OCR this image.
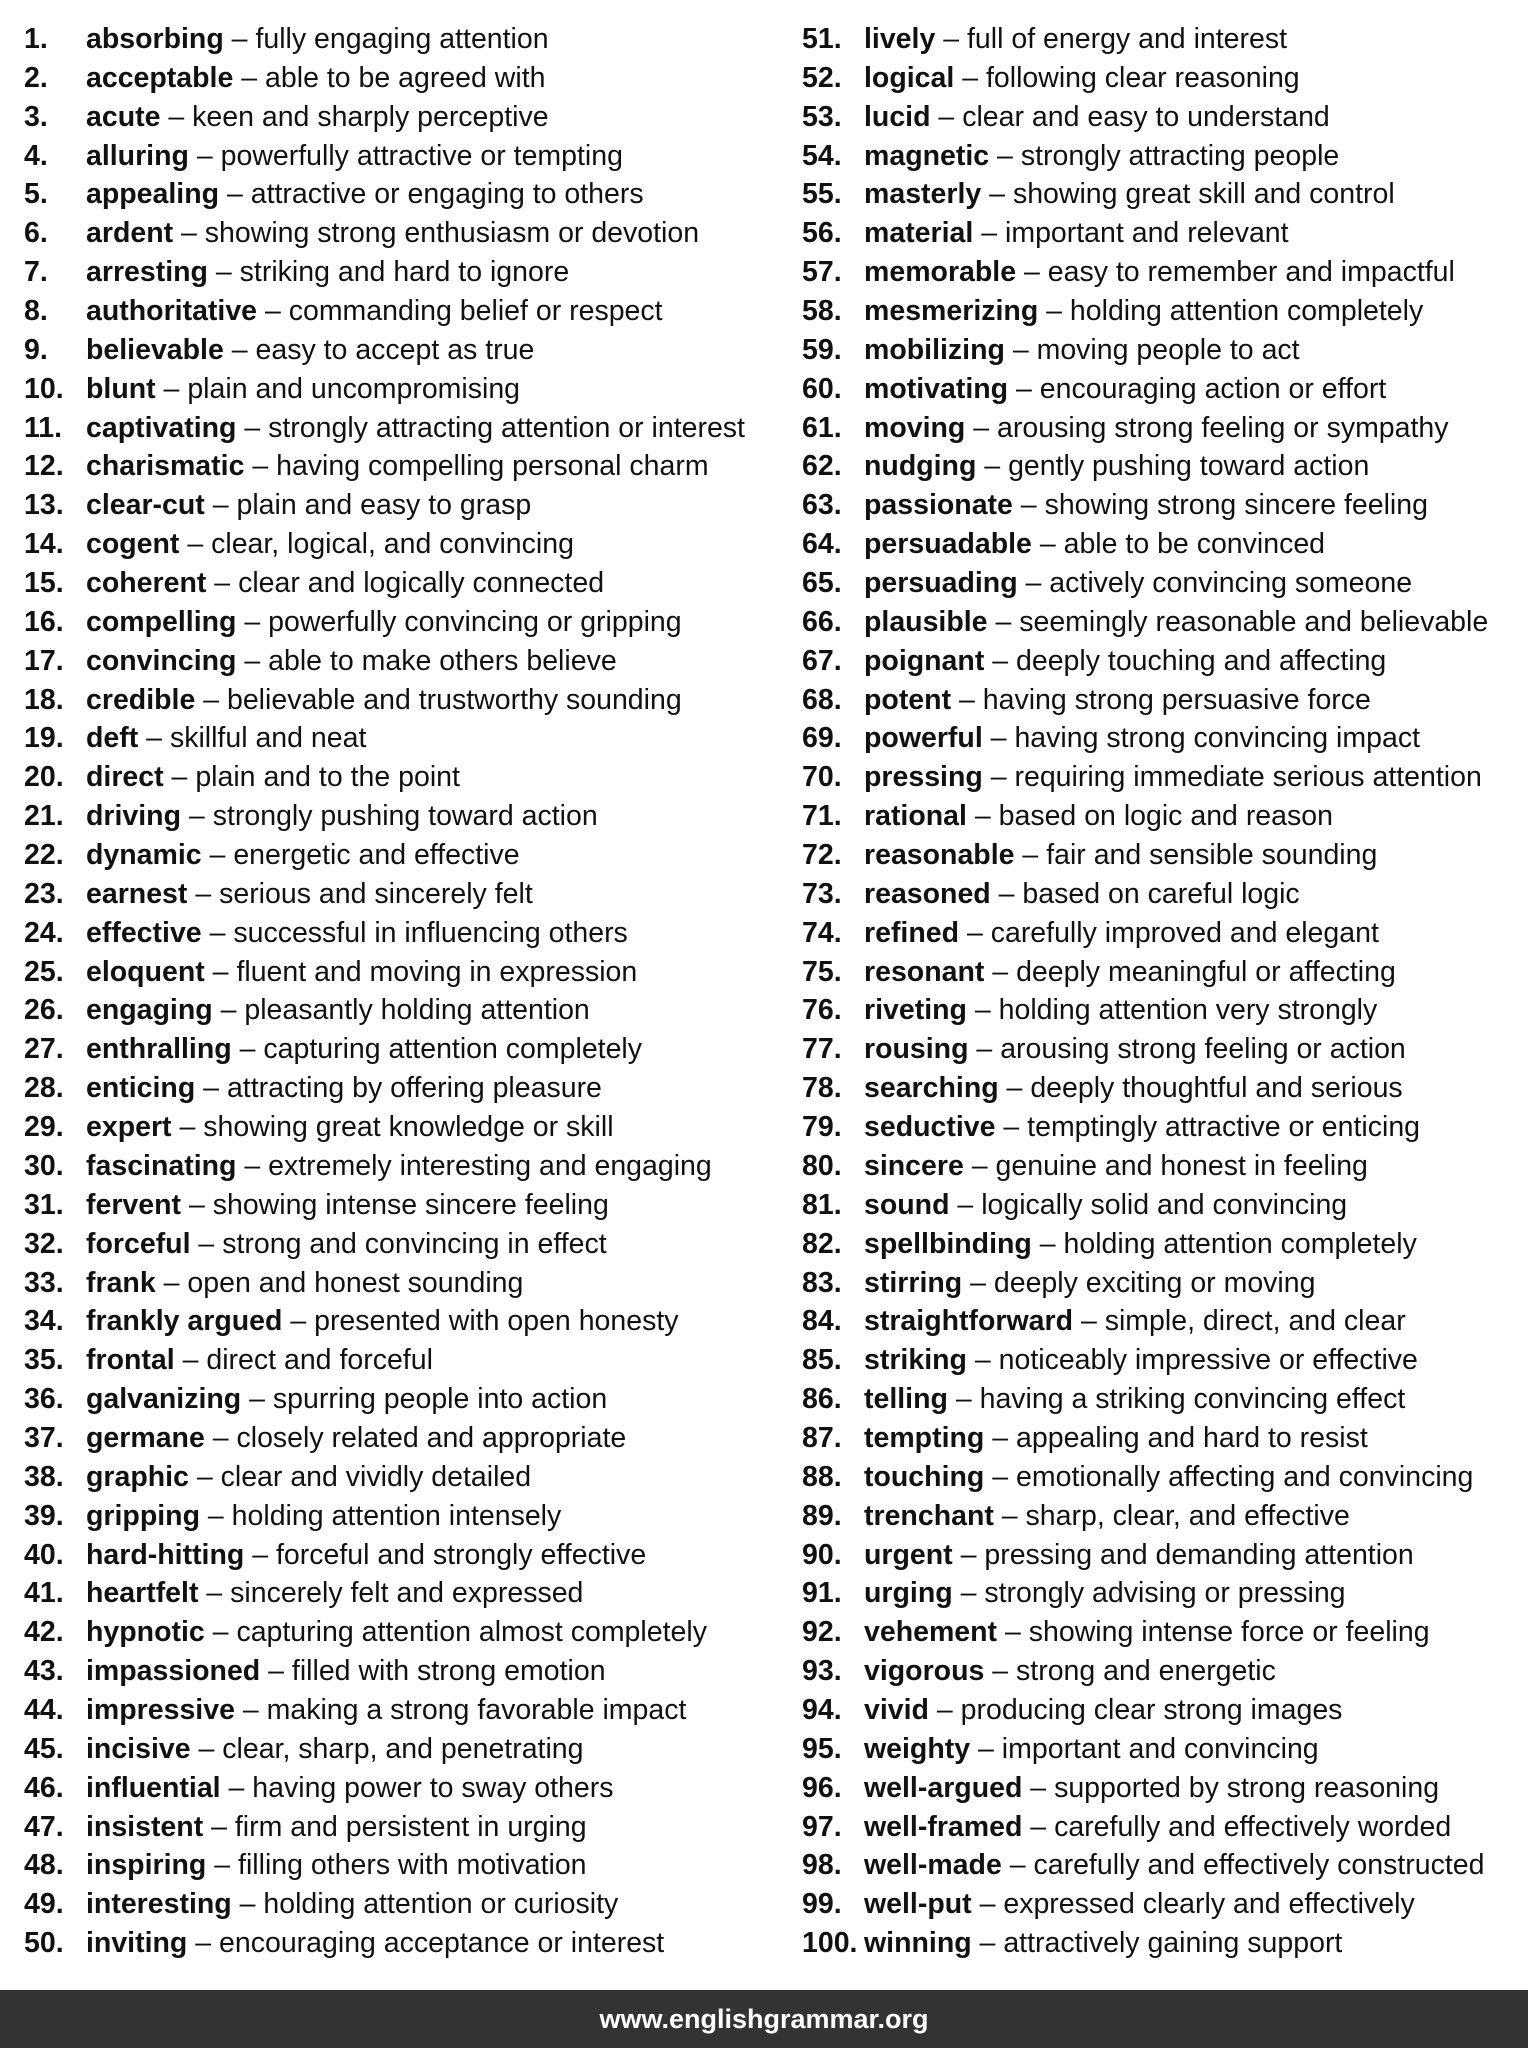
1. absorbing – fully engaging attention
2. acceptable – able to be agreed with
3. acute – keen and sharply perceptive
4. alluring – powerfully attractive or tempting
5. appealing – attractive or engaging to others
6. ardent – showing strong enthusiasm or devotion
7. arresting – striking and hard to ignore
8. authoritative – commanding belief or respect
9. believable – easy to accept as true
10. blunt – plain and uncompromising
11. captivating – strongly attracting attention or interest
12. charismatic – having compelling personal charm
13. clear-cut – plain and easy to grasp
14. cogent – clear, logical, and convincing
15. coherent – clear and logically connected
16. compelling – powerfully convincing or gripping
17. convincing – able to make others believe
18. credible – believable and trustworthy sounding
19. deft – skillful and neat
20. direct – plain and to the point
21. driving – strongly pushing toward action
22. dynamic – energetic and effective
23. earnest – serious and sincerely felt
24. effective – successful in influencing others
25. eloquent – fluent and moving in expression
26. engaging – pleasantly holding attention
27. enthralling – capturing attention completely
28. enticing – attracting by offering pleasure
29. expert – showing great knowledge or skill
30. fascinating – extremely interesting and engaging
31. fervent – showing intense sincere feeling
32. forceful – strong and convincing in effect
33. frank – open and honest sounding
34. frankly argued – presented with open honesty
35. frontal – direct and forceful
36. galvanizing – spurring people into action
37. germane – closely related and appropriate
38. graphic – clear and vividly detailed
39. gripping – holding attention intensely
40. hard-hitting – forceful and strongly effective
41. heartfelt – sincerely felt and expressed
42. hypnotic – capturing attention almost completely
43. impassioned – filled with strong emotion
44. impressive – making a strong favorable impact
45. incisive – clear, sharp, and penetrating
46. influential – having power to sway others
47. insistent – firm and persistent in urging
48. inspiring – filling others with motivation
49. interesting – holding attention or curiosity
50. inviting – encouraging acceptance or interest
51. lively – full of energy and interest
52. logical – following clear reasoning
53. lucid – clear and easy to understand
54. magnetic – strongly attracting people
55. masterly – showing great skill and control
56. material – important and relevant
57. memorable – easy to remember and impactful
58. mesmerizing – holding attention completely
59. mobilizing – moving people to act
60. motivating – encouraging action or effort
61. moving – arousing strong feeling or sympathy
62. nudging – gently pushing toward action
63. passionate – showing strong sincere feeling
64. persuadable – able to be convinced
65. persuading – actively convincing someone
66. plausible – seemingly reasonable and believable
67. poignant – deeply touching and affecting
68. potent – having strong persuasive force
69. powerful – having strong convincing impact
70. pressing – requiring immediate serious attention
71. rational – based on logic and reason
72. reasonable – fair and sensible sounding
73. reasoned – based on careful logic
74. refined – carefully improved and elegant
75. resonant – deeply meaningful or affecting
76. riveting – holding attention very strongly
77. rousing – arousing strong feeling or action
78. searching – deeply thoughtful and serious
79. seductive – temptingly attractive or enticing
80. sincere – genuine and honest in feeling
81. sound – logically solid and convincing
82. spellbinding – holding attention completely
83. stirring – deeply exciting or moving
84. straightforward – simple, direct, and clear
85. striking – noticeably impressive or effective
86. telling – having a striking convincing effect
87. tempting – appealing and hard to resist
88. touching – emotionally affecting and convincing
89. trenchant – sharp, clear, and effective
90. urgent – pressing and demanding attention
91. urging – strongly advising or pressing
92. vehement – showing intense force or feeling
93. vigorous – strong and energetic
94. vivid – producing clear strong images
95. weighty – important and convincing
96. well-argued – supported by strong reasoning
97. well-framed – carefully and effectively worded
98. well-made – carefully and effectively constructed
99. well-put – expressed clearly and effectively
100. winning – attractively gaining support
www.englishgrammar.org
